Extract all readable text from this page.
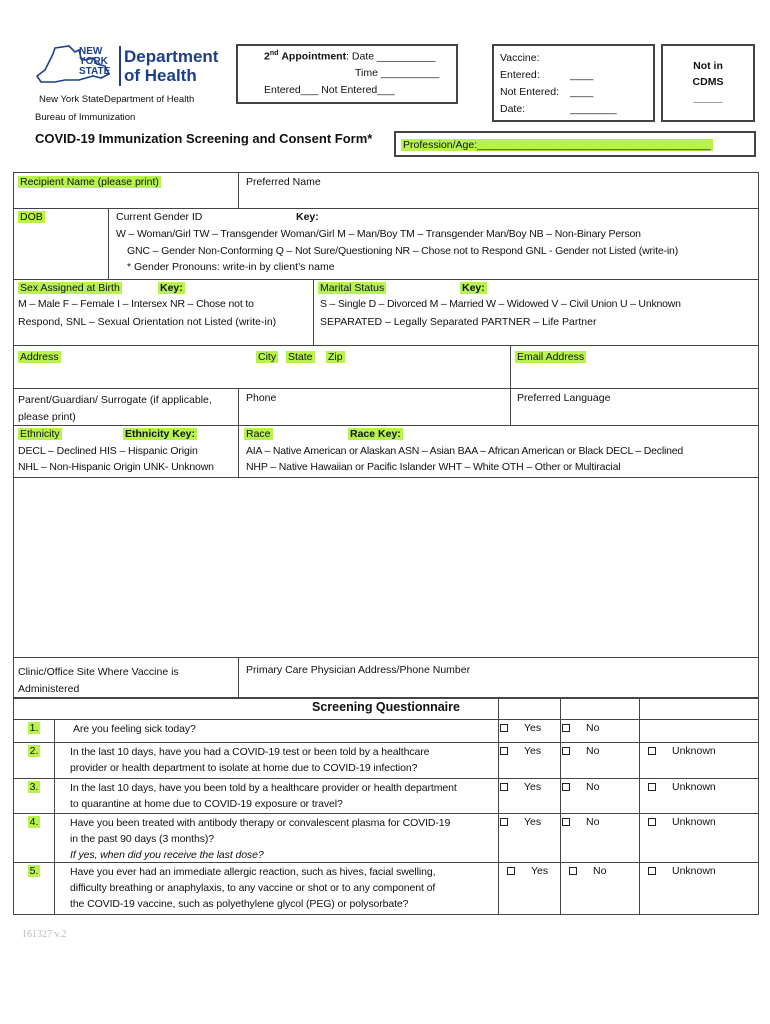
NEW
YORK
STATE
Department
of Health
New York StateDepartment of Health
Bureau of Immunization
2nd Appointment: Date __________
Time __________
Entered___ Not Entered___
Vaccine:
Entered:	____
Not Entered: ____
Date:	________
Not in
CDMS
_____
COVID-19 Immunization Screening and Consent Form*	Profession/Age:________________________________________
Recipient Name (please print)	Preferred Name
DOB	Current Gender ID	Key:
W – Woman/Girl TW – Transgender Woman/Girl M – Man/Boy TM – Transgender Man/Boy NB – Non-Binary Person
GNC – Gender Non-Conforming Q – Not Sure/Questioning NR – Chose not to Respond GNL - Gender not Listed (write-in)
* Gender Pronouns: write-in by client’s name
Sex Assigned at Birth	Key:
M – Male F – Female I – Intersex NR – Chose not to
Respond, SNL – Sexual Orientation not Listed (write-in)
Marital Status	Key:
S – Single D – Divorced M – Married W – Widowed V – Civil Union U – Unknown
SEPARATED – Legally Separated PARTNER – Life Partner
Address	City State Zip	Email Address
Parent/Guardian/ Surrogate (if applicable,
please print)
Phone	Preferred Language
Ethnicity	Ethnicity Key:
DECL – Declined HIS – Hispanic Origin
NHL – Non-Hispanic Origin UNK- Unknown
Race	Race Key:
AIA – Native American or Alaskan ASN – Asian BAA – African American or Black DECL – Declined
NHP – Native Hawaiian or Pacific Islander WHT – White OTH – Other or Multiracial
Clinic/Office Site Where Vaccine is
Administered
Primary Care Physician Address/Phone Number
Screening Questionnaire
1.	Are you feeling sick today?	Yes	No
2.	In the last 10 days, have you had a COVID-19 test or been told by a healthcare
provider or health department to isolate at home due to COVID-19 infection?
Yes	No	Unknown
3.	In the last 10 days, have you been told by a healthcare provider or health department
to quarantine at home due to COVID-19 exposure or travel?
Yes	No	Unknown
4.	Have you been treated with antibody therapy or convalescent plasma for COVID-19
in the past 90 days (3 months)?
If yes, when did you receive the last dose?
Yes	No	Unknown
5.	Have you ever had an immediate allergic reaction, such as hives, facial swelling,
difficulty breathing or anaphylaxis, to any vaccine or shot or to any component of
the COVID-19 vaccine, such as polyethylene glycol (PEG) or polysorbate?
Yes	No	Unknown
161327 v.2
